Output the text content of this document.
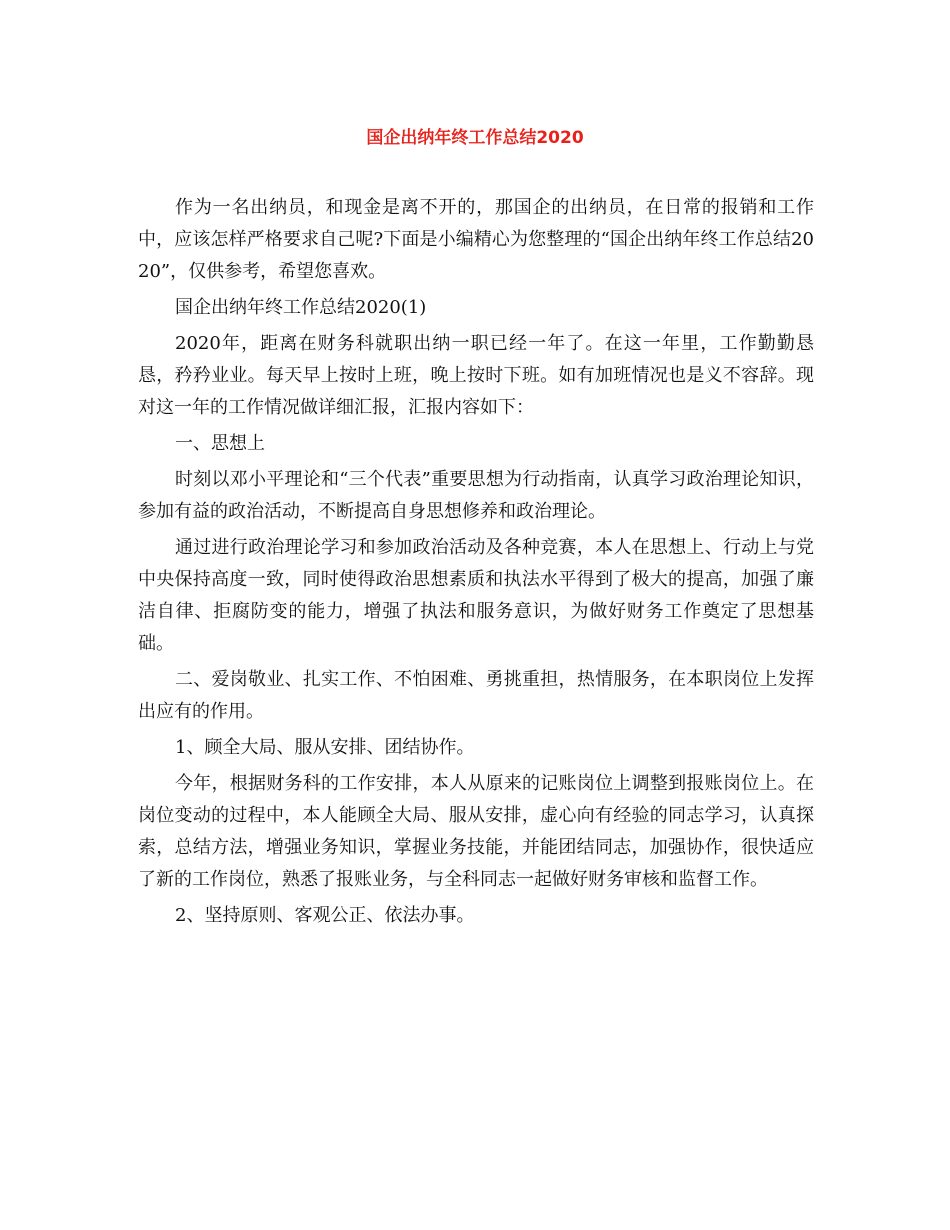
国企出纳年终工作总结2020

作为一名出纳员，和现金是离不开的，那国企的出纳员，在日常的报销和工作中，应该怎样严格要求自己呢?下面是小编精心为您整理的“国企出纳年终工作总结2020”，仅供参考，希望您喜欢。

国企出纳年终工作总结2020(1)

2020年，距离在财务科就职出纳一职已经一年了。在这一年里，工作勤勤恳恳，矜矜业业。每天早上按时上班，晚上按时下班。如有加班情况也是义不容辞。现对这一年的工作情况做详细汇报，汇报内容如下：

一、思想上

时刻以邓小平理论和“三个代表”重要思想为行动指南，认真学习政治理论知识，参加有益的政治活动，不断提高自身思想修养和政治理论。

通过进行政治理论学习和参加政治活动及各种竞赛，本人在思想上、行动上与党中央保持高度一致，同时使得政治思想素质和执法水平得到了极大的提高，加强了廉洁自律、拒腐防变的能力，增强了执法和服务意识，为做好财务工作奠定了思想基础。

二、爱岗敬业、扎实工作、不怕困难、勇挑重担，热情服务，在本职岗位上发挥出应有的作用。

1、顾全大局、服从安排、团结协作。

今年，根据财务科的工作安排，本人从原来的记账岗位上调整到报账岗位上。在岗位变动的过程中，本人能顾全大局、服从安排，虚心向有经验的同志学习，认真探索，总结方法，增强业务知识，掌握业务技能，并能团结同志，加强协作，很快适应了新的工作岗位，熟悉了报账业务，与全科同志一起做好财务审核和监督工作。

2、坚持原则、客观公正、依法办事。
